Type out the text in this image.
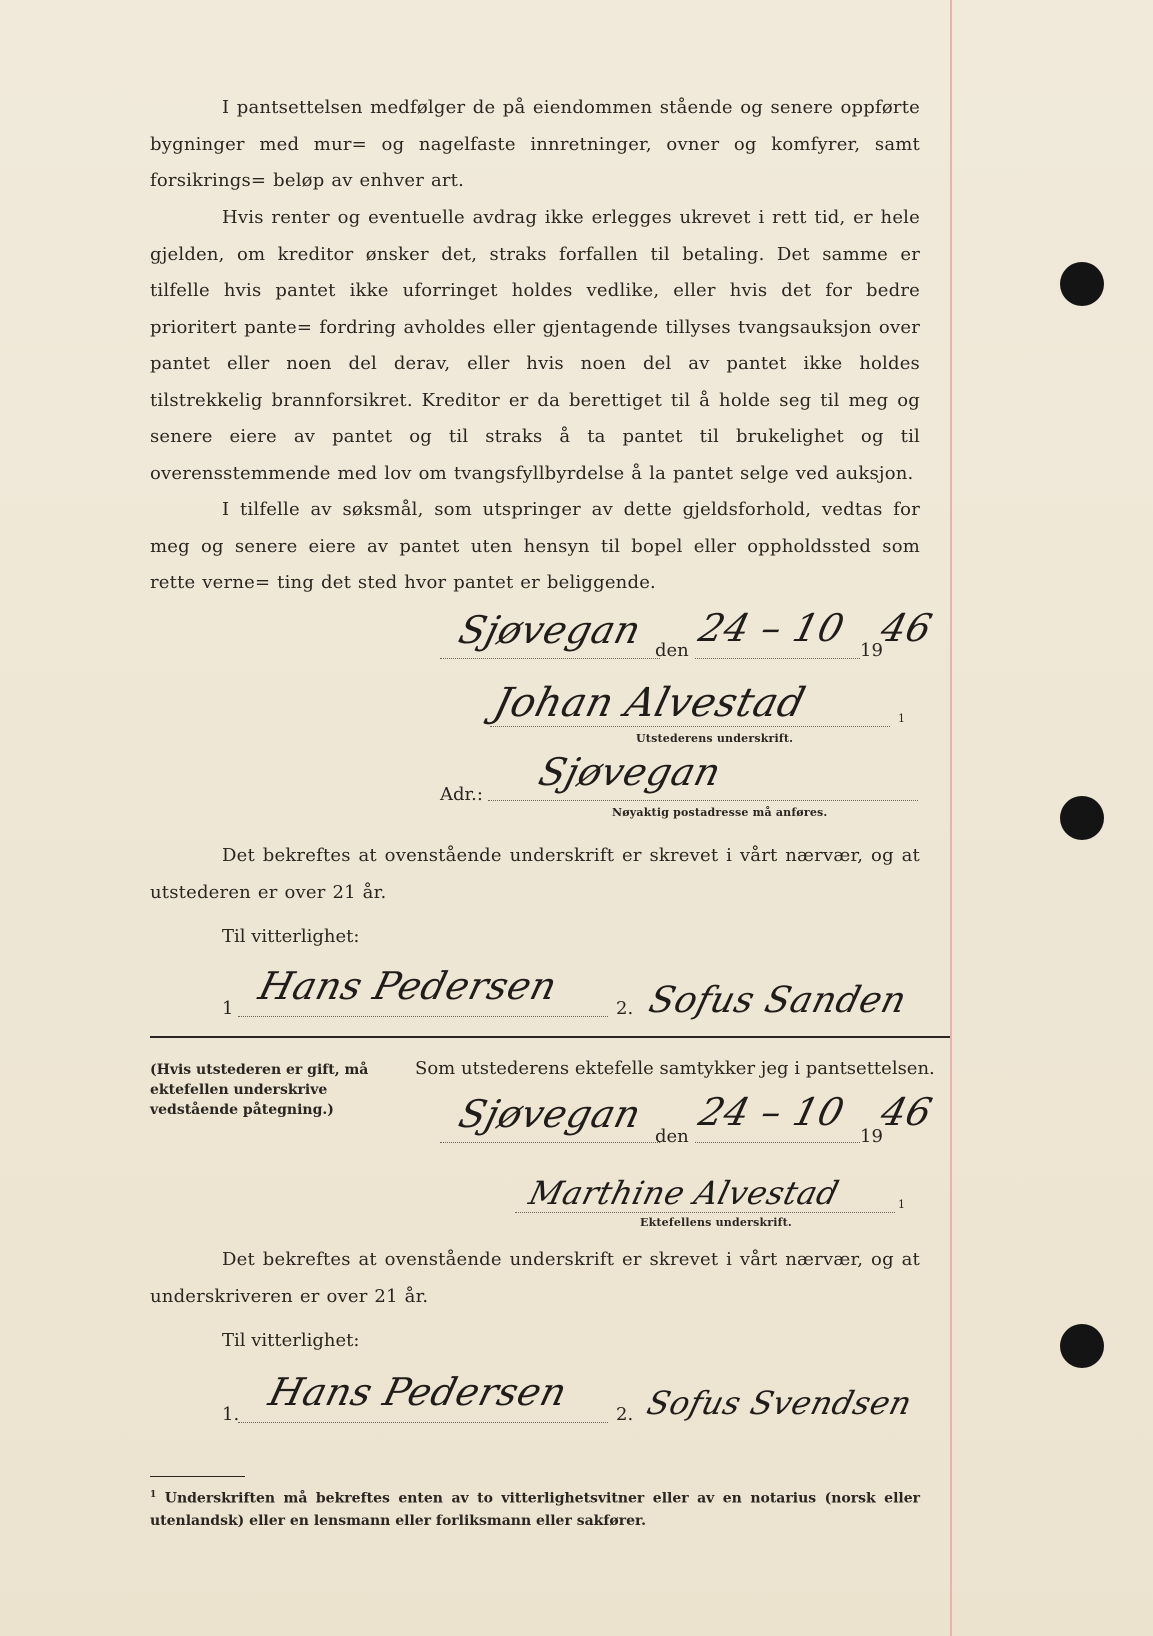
I pantsettelsen medfølger de på eiendommen stående og senere oppførte bygninger med mur= og nagelfaste innretninger, ovner og komfyrer, samt forsikrings= beløp av enhver art.

Hvis renter og eventuelle avdrag ikke erlegges ukrevet i rett tid, er hele gjelden, om kreditor ønsker det, straks forfallen til betaling. Det samme er tilfelle hvis pantet ikke uforringet holdes vedlike, eller hvis det for bedre prioritert pante= fordring avholdes eller gjentagende tillyses tvangsauksjon over pantet eller noen del derav, eller hvis noen del av pantet ikke holdes tilstrekkelig brannforsikret. Kreditor er da berettiget til å holde seg til meg og senere eiere av pantet og til straks å ta pantet til brukelighet og til overensstemmende med lov om tvangsfyllbyrdelse å la pantet selge ved auksjon.

I tilfelle av søksmål, som utspringer av dette gjeldsforhold, vedtas for meg og senere eiere av pantet uten hensyn til bopel eller oppholdssted som rette verne= ting det sted hvor pantet er beliggende.

Sjøvegan den
24 – 10
19
46
Johan Alvestad	1
Utstederens underskrift.
Adr.:
Sjøvegan
Nøyaktig postadresse må anføres.

Det bekreftes at ovenstående underskrift er skrevet i vårt nærvær, og at utstederen er over 21 år.

Til vitterlighet:
1
Hans Pedersen
2. Sofus Sanden
(Hvis utstederen er gift, må ektefellen underskrive vedstående påtegning.)
Som utstederens ektefelle samtykker jeg i pantsettelsen.
Sjøvegan
den
24 – 10
19
46
Marthine Alvestad	1
Ektefellens underskrift.

Det bekreftes at ovenstående underskrift er skrevet i vårt nærvær, og at underskriveren er over 21 år.

Til vitterlighet:
1.
Hans Pedersen
2. Sofus Svendsen
$^1$ Underskriften må bekreftes enten av to vitterlighetsvitner eller av en notarius (norsk eller utenlandsk) eller en lensmann eller forliksmann eller sakfører.
